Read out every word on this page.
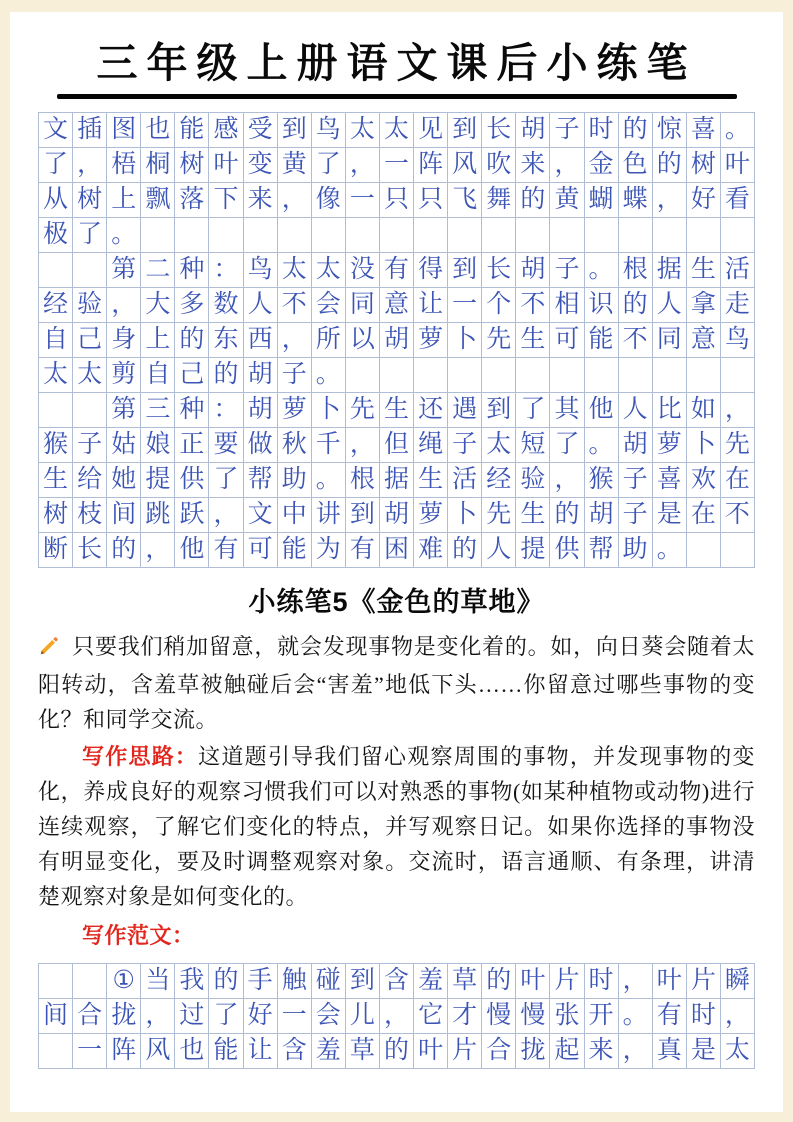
三年级上册语文课后小练笔
文 插 图 也 能 感 受 到 鸟 太 太 见 到 长 胡 子 时 的 惊 喜 。
了 ， 梧 桐 树 叶 变 黄 了 ， 一 阵 风 吹 来 ， 金 色 的 树 叶
从 树 上 飘 落 下 来 ， 像 一 只 只 飞 舞 的 黄 蝴 蝶 ， 好 看
极 了 。

第 二 种 ： 鸟 太 太 没 有 得 到 长 胡 子 。 根 据 生 活
经 验 ， 大 多 数 人 不 会 同 意 让 一 个 不 相 识 的 人 拿 走
自 己 身 上 的 东 西 ， 所 以 胡 萝 卜 先 生 可 能 不 同 意 鸟
太 太 剪 自 己 的 胡 子 。

第 三 种 ： 胡 萝 卜 先 生 还 遇 到 了 其 他 人 比 如 ，
猴 子 姑 娘 正 要 做 秋 千 ， 但 绳 子 太 短 了 。 胡 萝 卜 先
生 给 她 提 供 了 帮 助 。 根 据 生 活 经 验 ， 猴 子 喜 欢 在
树 枝 间 跳 跃 ， 文 中 讲 到 胡 萝 卜 先 生 的 胡 子 是 在 不
断 长 的 ， 他 有 可 能 为 有 困 难 的 人 提 供 帮 助 。
小练笔5《金色的草地》

只要我们稍加留意，就会发现事物是变化着的。如，向日葵会随着太阳转动，含羞草被触碰后会“害羞”地低下头……你留意过哪些事物的变化？和同学交流。

写作思路：这道题引导我们留心观察周围的事物，并发现事物的变化，养成良好的观察习惯我们可以对熟悉的事物(如某种植物或动物)进行连续观察，了解它们变化的特点，并写观察日记。如果你选择的事物没有明显变化，要及时调整观察对象。交流时，语言通顺、有条理，讲清楚观察对象是如何变化的。

写作范文：

① 当 我 的 手 触 碰 到 含 羞 草 的 叶 片 时 ， 叶 片 瞬
间 合 拢 ， 过 了 好 一 会 儿 ， 它 才 慢 慢 张 开 。 有 时 ，

一 阵 风 也 能 让 含 羞 草 的 叶 片 合 拢 起 来 ， 真 是 太
